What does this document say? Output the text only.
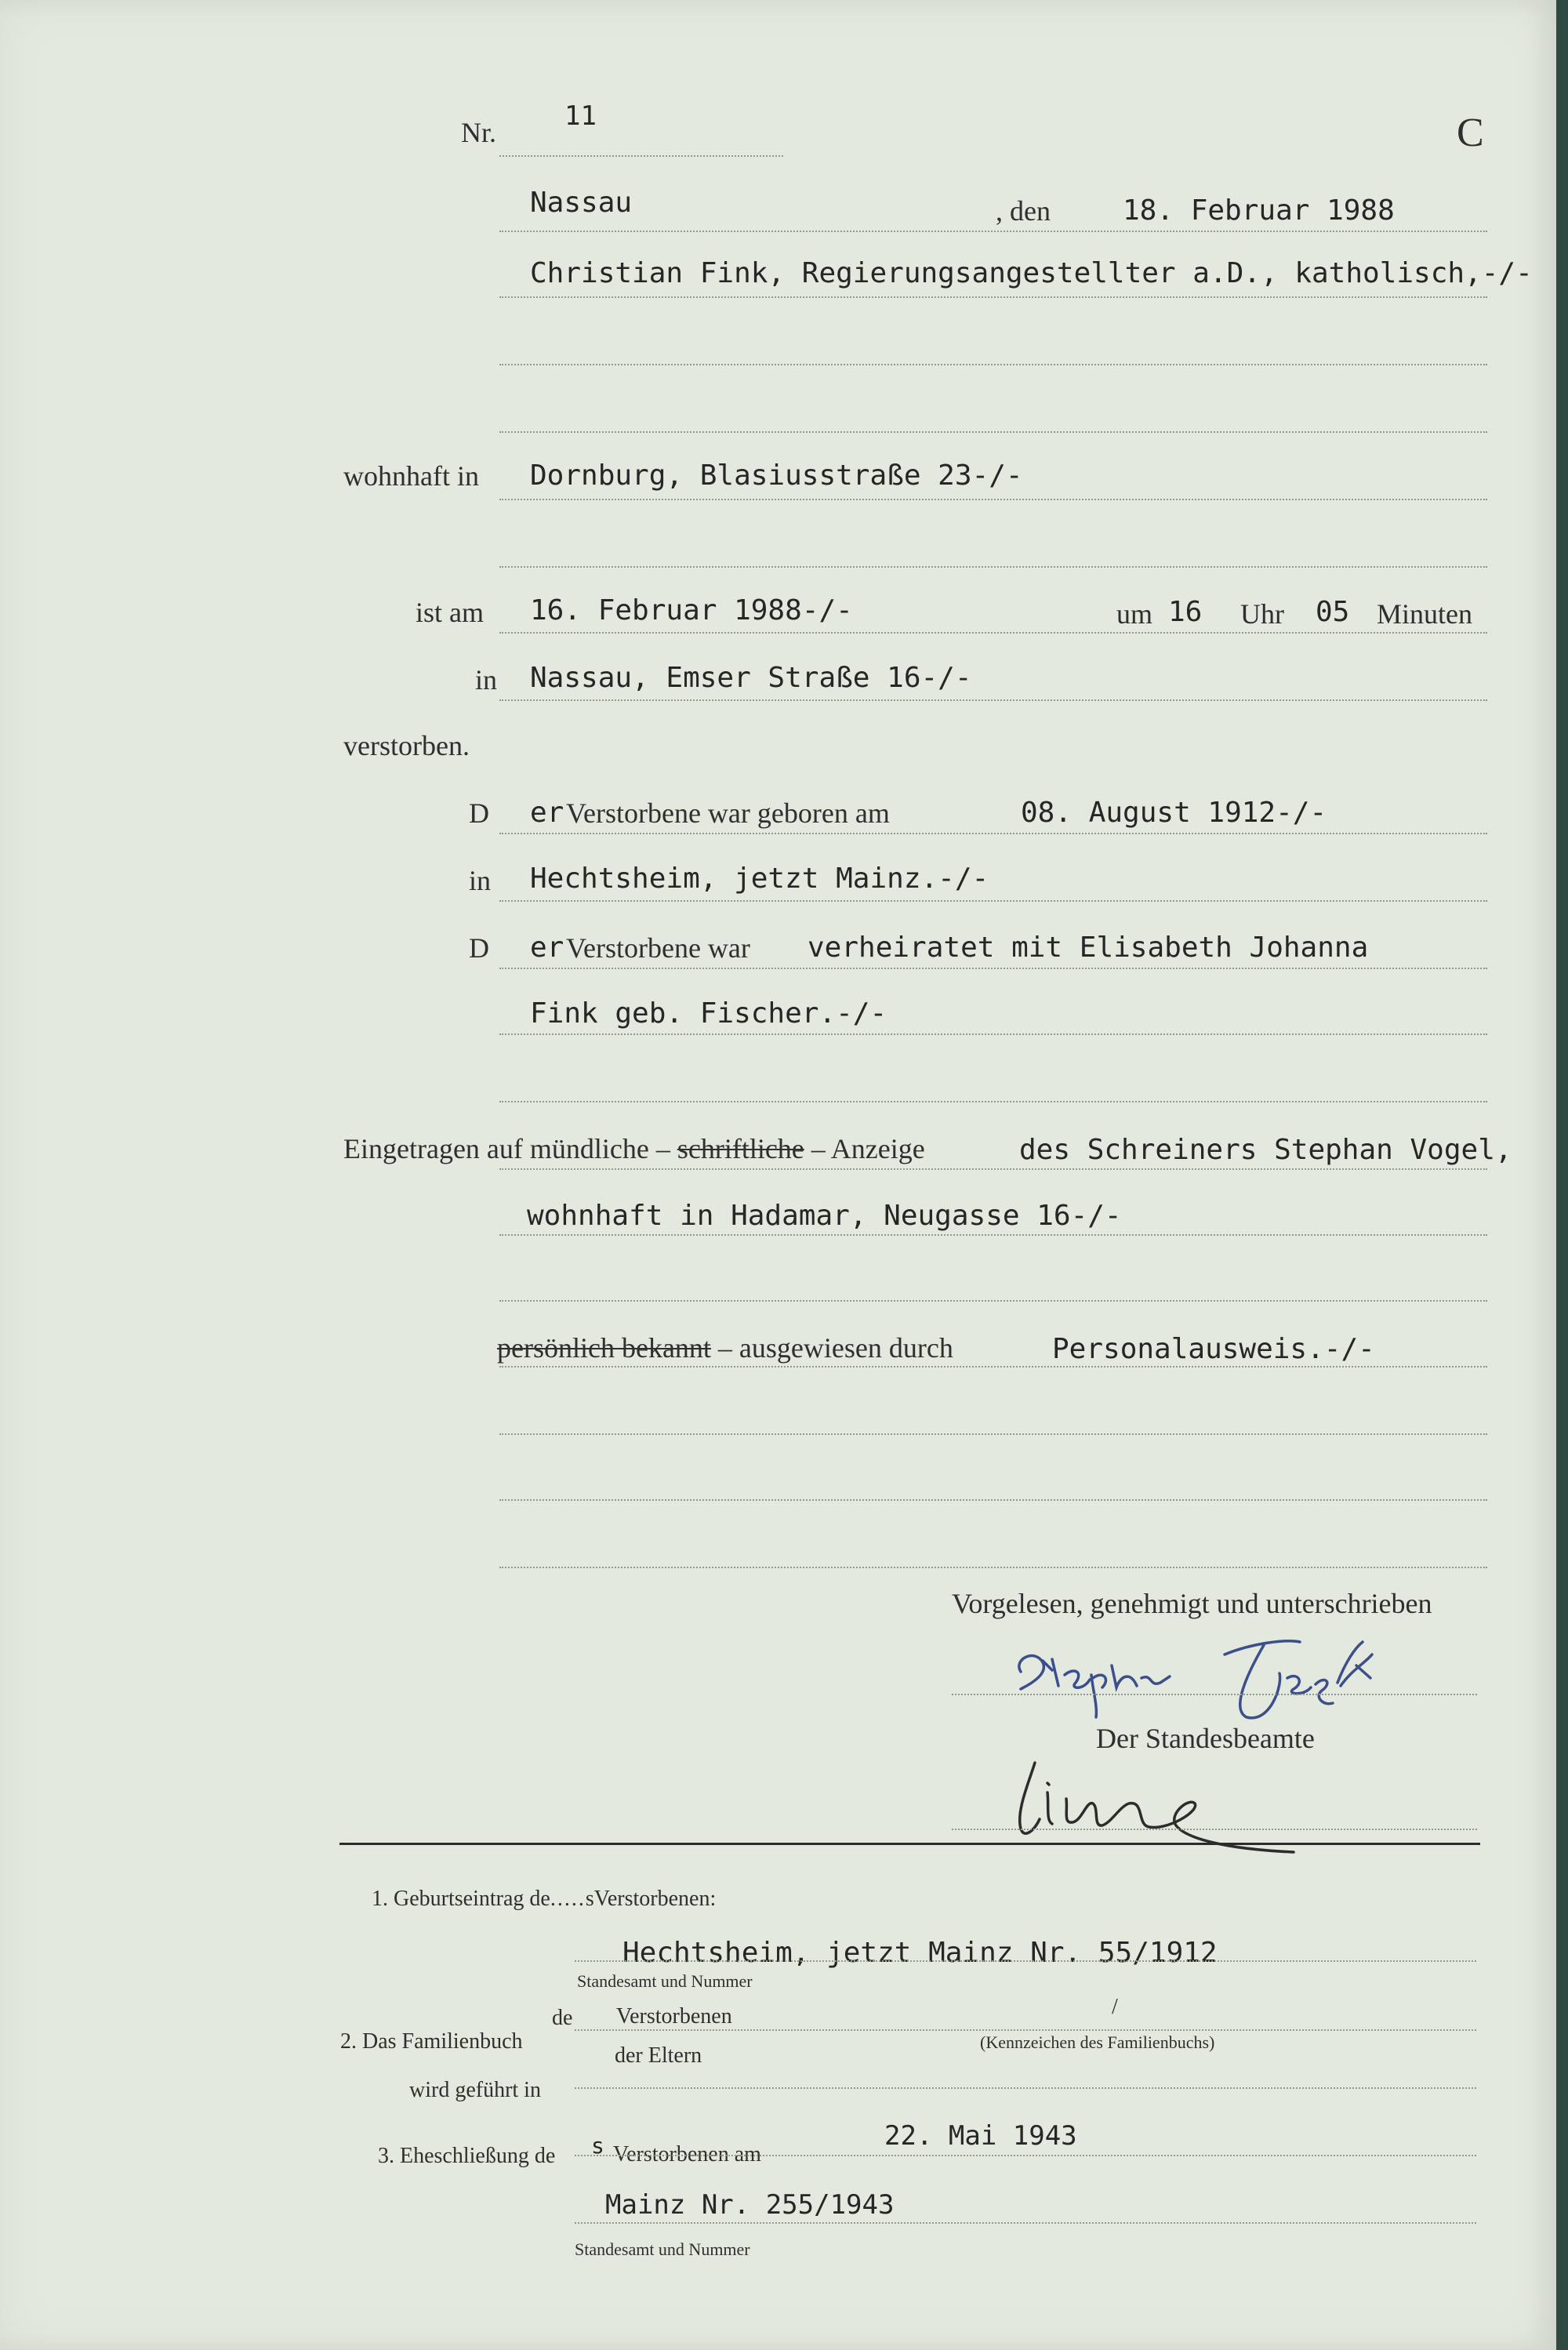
Nr.
11	C
Nassau	, den	18. Februar 1988
Christian Fink, Regierungsangestellter a.D., katholisch,-/-
wohnhaft in Dornburg, Blasiusstraße 23-/-
ist am 16. Februar 1988-/-	um 16 Uhr 05 Minuten
in Nassau, Emser Straße 16-/-
verstorben.
D er Verstorbene war geboren am	08. August 1912-/-
in Hechtsheim, jetzt Mainz.-/-
D er Verstorbene war verheiratet mit Elisabeth Johanna
Fink geb. Fischer.-/-
Eingetragen auf mündliche – schriftliche – Anzeige	des Schreiners Stephan Vogel,
wohnhaft in Hadamar, Neugasse 16-/-
persönlich bekannt – ausgewiesen durch	Personalausweis.-/-
Vorgelesen, genehmigt und unterschrieben
Der Standesbeamte
1. Geburtseintrag de.....sVerstorbenen:
Hechtsheim, jetzt Mainz Nr. 55/1912
Standesamt und Nummer
de Verstorbenen
2. Das Familienbuch
/
der Eltern
(Kennzeichen des Familienbuchs)
wird geführt in
3. Eheschließung de s Verstorbenen am
22. Mai 1943
Mainz Nr. 255/1943
Standesamt und Nummer
